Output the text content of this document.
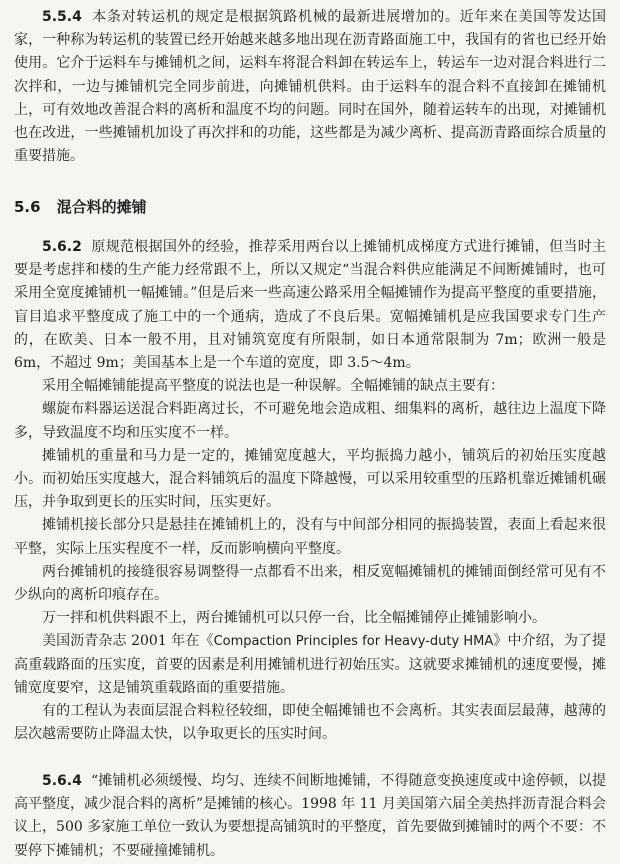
5.5.4 本条对转运机的规定是根据筑路机械的最新进展增加的。近年来在美国等发达国家，一种称为转运机的装置已经开始越来越多地出现在沥青路面施工中，我国有的省也已经开始使用。它介于运料车与摊铺机之间，运料车将混合料卸在转运车上，转运车一边对混合料进行二次拌和，一边与摊铺机完全同步前进，向摊铺机供料。由于运料车的混合料不直接卸在摊铺机上，可有效地改善混合料的离析和温度不均的问题。同时在国外，随着运转车的出现，对摊铺机也在改进，一些摊铺机加设了再次拌和的功能，这些都是为减少离析、提高沥青路面综合质量的重要措施。

5.6 混合料的摊铺

5.6.2 原规范根据国外的经验，推荐采用两台以上摊铺机成梯度方式进行摊铺，但当时主要是考虑拌和楼的生产能力经常跟不上，所以又规定“当混合料供应能满足不间断摊铺时，也可采用全宽度摊铺机一幅摊铺。”但是后来一些高速公路采用全幅摊铺作为提高平整度的重要措施，盲目追求平整度成了施工中的一个通病，造成了不良后果。宽幅摊铺机是应我国要求专门生产的，在欧美、日本一般不用，且对铺筑宽度有所限制，如日本通常限制为 7m；欧洲一般是 6m，不超过 9m；美国基本上是一个车道的宽度，即 3.5～4m。

采用全幅摊铺能提高平整度的说法也是一种误解。全幅摊铺的缺点主要有：

螺旋布料器运送混合料距离过长，不可避免地会造成粗、细集料的离析，越往边上温度下降多，导致温度不均和压实度不一样。

摊铺机的重量和马力是一定的，摊铺宽度越大，平均振捣力越小，铺筑后的初始压实度越小。而初始压实度越大，混合料铺筑后的温度下降越慢，可以采用较重型的压路机靠近摊铺机碾压，并争取到更长的压实时间，压实更好。

摊铺机接长部分只是悬挂在摊铺机上的，没有与中间部分相同的振捣装置，表面上看起来很平整，实际上压实程度不一样，反而影响横向平整度。

两台摊铺机的接缝很容易调整得一点都看不出来，相反宽幅摊铺机的摊铺面倒经常可见有不少纵向的离析印痕存在。

万一拌和机供料跟不上，两台摊铺机可以只停一台，比全幅摊铺停止摊铺影响小。

美国沥青杂志 2001 年在《Compaction Principles for Heavy-duty HMA》中介绍，为了提高重载路面的压实度，首要的因素是利用摊铺机进行初始压实。这就要求摊铺机的速度要慢，摊铺宽度要窄，这是铺筑重载路面的重要措施。

有的工程认为表面层混合料粒径较细，即使全幅摊铺也不会离析。其实表面层最薄，越薄的层次越需要防止降温太快，以争取更长的压实时间。

5.6.4 “摊铺机必须缓慢、均匀、连续不间断地摊铺，不得随意变换速度或中途停顿，以提高平整度，减少混合料的离析”是摊铺的核心。1998 年 11 月美国第六届全美热拌沥青混合料会议上，500 多家施工单位一致认为要想提高铺筑时的平整度，首先要做到摊铺时的两个不要：不要停下摊铺机；不要碰撞摊铺机。
